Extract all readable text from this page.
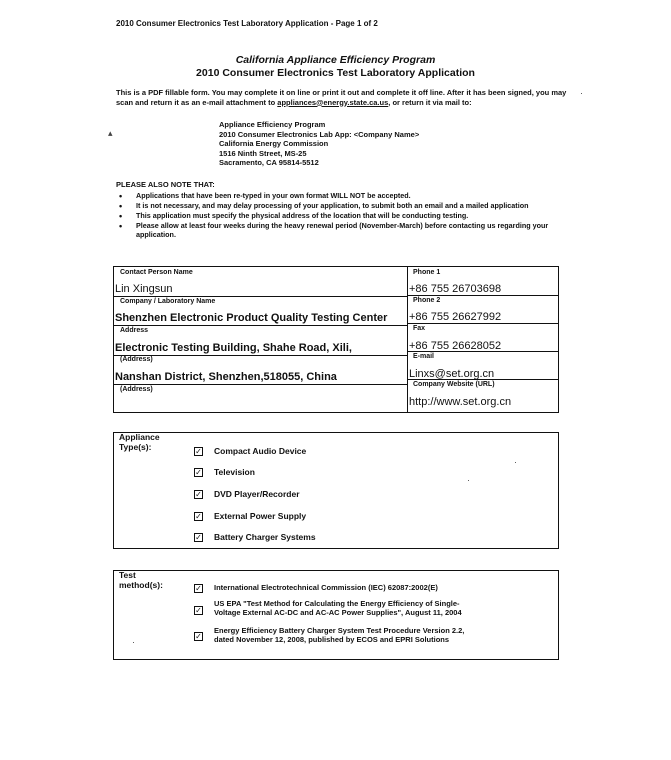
2010 Consumer Electronics Test Laboratory Application - Page 1 of 2
California Appliance Efficiency Program
2010 Consumer Electronics Test Laboratory Application
This is a PDF fillable form. You may complete it on line or print it out and complete it off line. After it has been signed, you may scan and return it as an e-mail attachment to appliances@energy.state.ca.us, or return it via mail to:
Appliance Efficiency Program
2010 Consumer Electronics Lab App: <Company Name>
California Energy Commission
1516 Ninth Street, MS-25
Sacramento, CA 95814-5512
▴
·
PLEASE ALSO NOTE THAT:
• Applications that have been re-typed in your own format WILL NOT be accepted.
• It is not necessary, and may delay processing of your application, to submit both an email and a mailed application
• This application must specify the physical address of the location that will be conducting testing.
• Please allow at least four weeks during the heavy renewal period (November-March) before contacting us regarding your application.
Contact Person Name
Lin Xingsun
Company / Laboratory Name
Shenzhen Electronic Product Quality Testing Center
Address
Electronic Testing Building, Shahe Road, Xili,
(Address)
Nanshan District, Shenzhen,518055, China
(Address)
Phone 1
+86 755 26703698
Phone 2
+86 755 26627992
Fax
+86 755 26628052
E-mail
Linxs@set.org.cn
Company Website (URL)
http://www.set.org.cn
Appliance
Type(s):	✓ Compact Audio Device
✓ Television
✓ DVD Player/Recorder
✓ External Power Supply
✓ Battery Charger Systems
·
·
Test
method(s):	✓ International Electrotechnical Commission (IEC) 62087:2002(E)
✓
US EPA "Test Method for Calculating the Energy Efficiency of Single-
Voltage External AC-DC and AC-AC Power Supplies", August 11, 2004
✓
Energy Efficiency Battery Charger System Test Procedure Version 2.2,
dated November 12, 2008, published by ECOS and EPRI Solutions
·
